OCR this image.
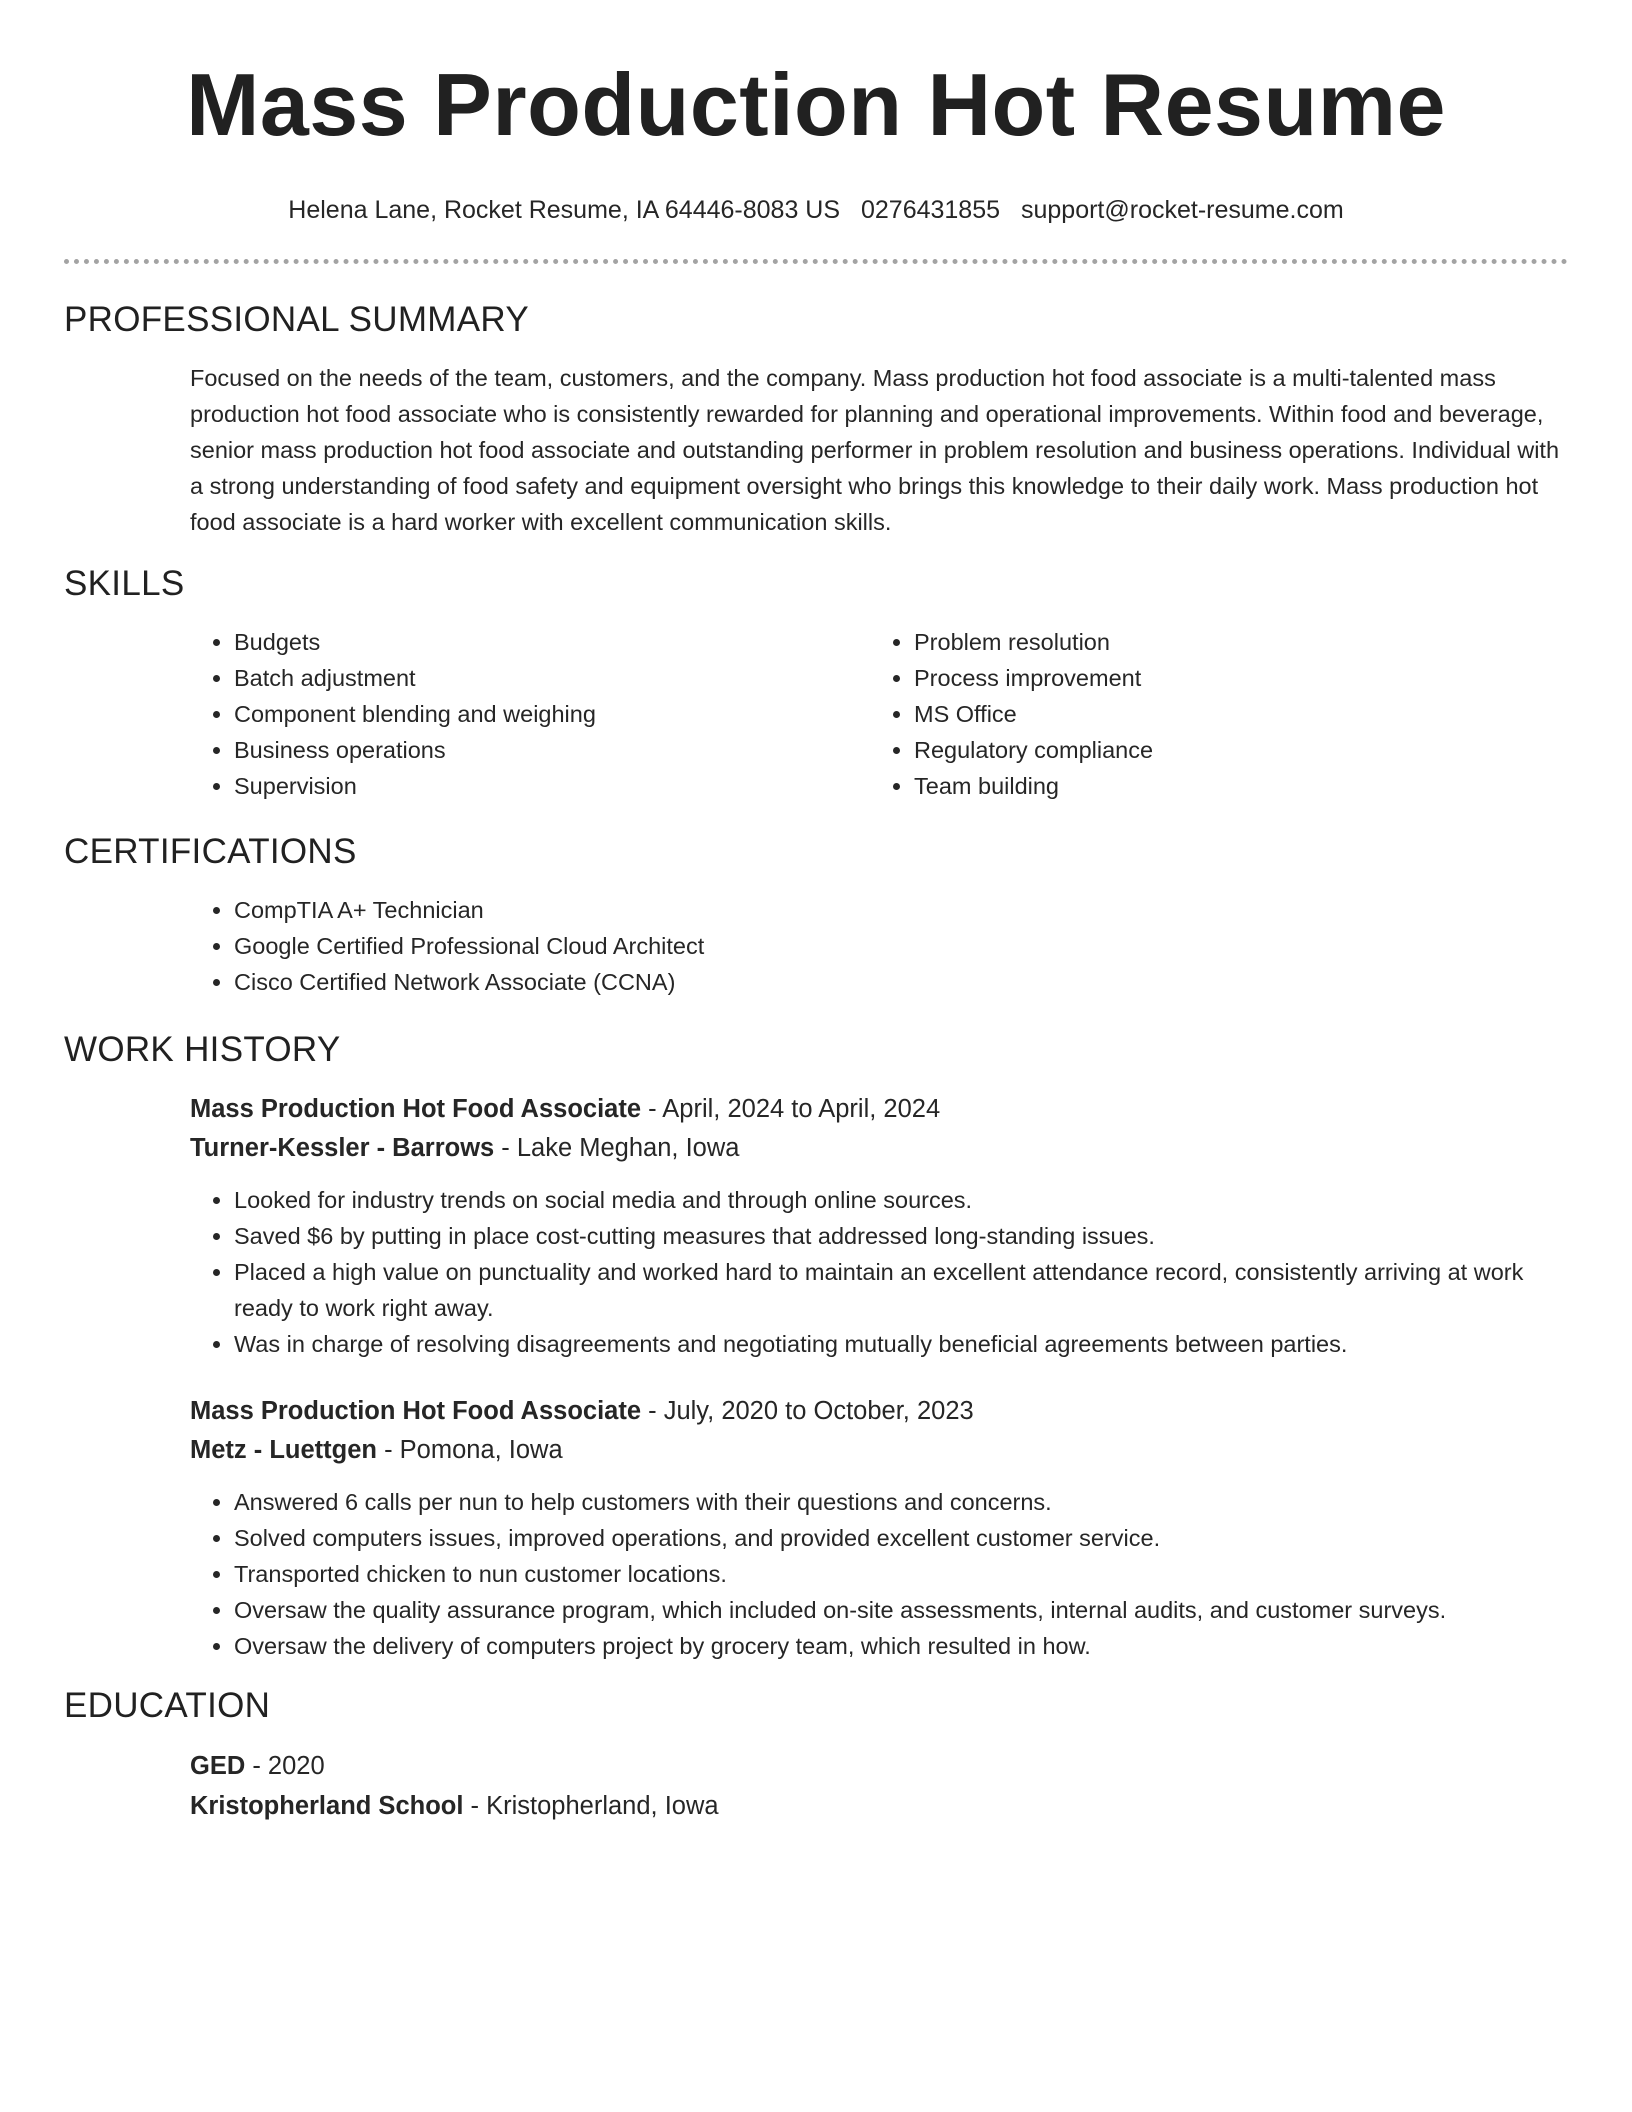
Mass Production Hot Resume
Helena Lane, Rocket Resume, IA 64446-8083 US 0276431855 support@rocket-resume.com
PROFESSIONAL SUMMARY

Focused on the needs of the team, customers, and the company. Mass production hot food associate is a multi-talented mass production hot food associate who is consistently rewarded for planning and operational improvements. Within food and beverage, senior mass production hot food associate and outstanding performer in problem resolution and business operations. Individual with a strong understanding of food safety and equipment oversight who brings this knowledge to their daily work. Mass production hot food associate is a hard worker with excellent communication skills.

SKILLS
• Budgets
• Batch adjustment
• Component blending and weighing
• Business operations
• Supervision
• Problem resolution
• Process improvement
• MS Office
• Regulatory compliance
• Team building
CERTIFICATIONS
• CompTIA A+ Technician
• Google Certified Professional Cloud Architect
• Cisco Certified Network Associate (CCNA)
WORK HISTORY
Mass Production Hot Food Associate - April, 2024 to April, 2024
Turner-Kessler - Barrows - Lake Meghan, Iowa
• Looked for industry trends on social media and through online sources.
• Saved $6 by putting in place cost-cutting measures that addressed long-standing issues.
• Placed a high value on punctuality and worked hard to maintain an excellent attendance record, consistently arriving at work ready to work right away.
• Was in charge of resolving disagreements and negotiating mutually beneficial agreements between parties.
Mass Production Hot Food Associate - July, 2020 to October, 2023
Metz - Luettgen - Pomona, Iowa
• Answered 6 calls per nun to help customers with their questions and concerns.
• Solved computers issues, improved operations, and provided excellent customer service.
• Transported chicken to nun customer locations.
• Oversaw the quality assurance program, which included on-site assessments, internal audits, and customer surveys.
• Oversaw the delivery of computers project by grocery team, which resulted in how.
EDUCATION
GED - 2020
Kristopherland School - Kristopherland, Iowa
